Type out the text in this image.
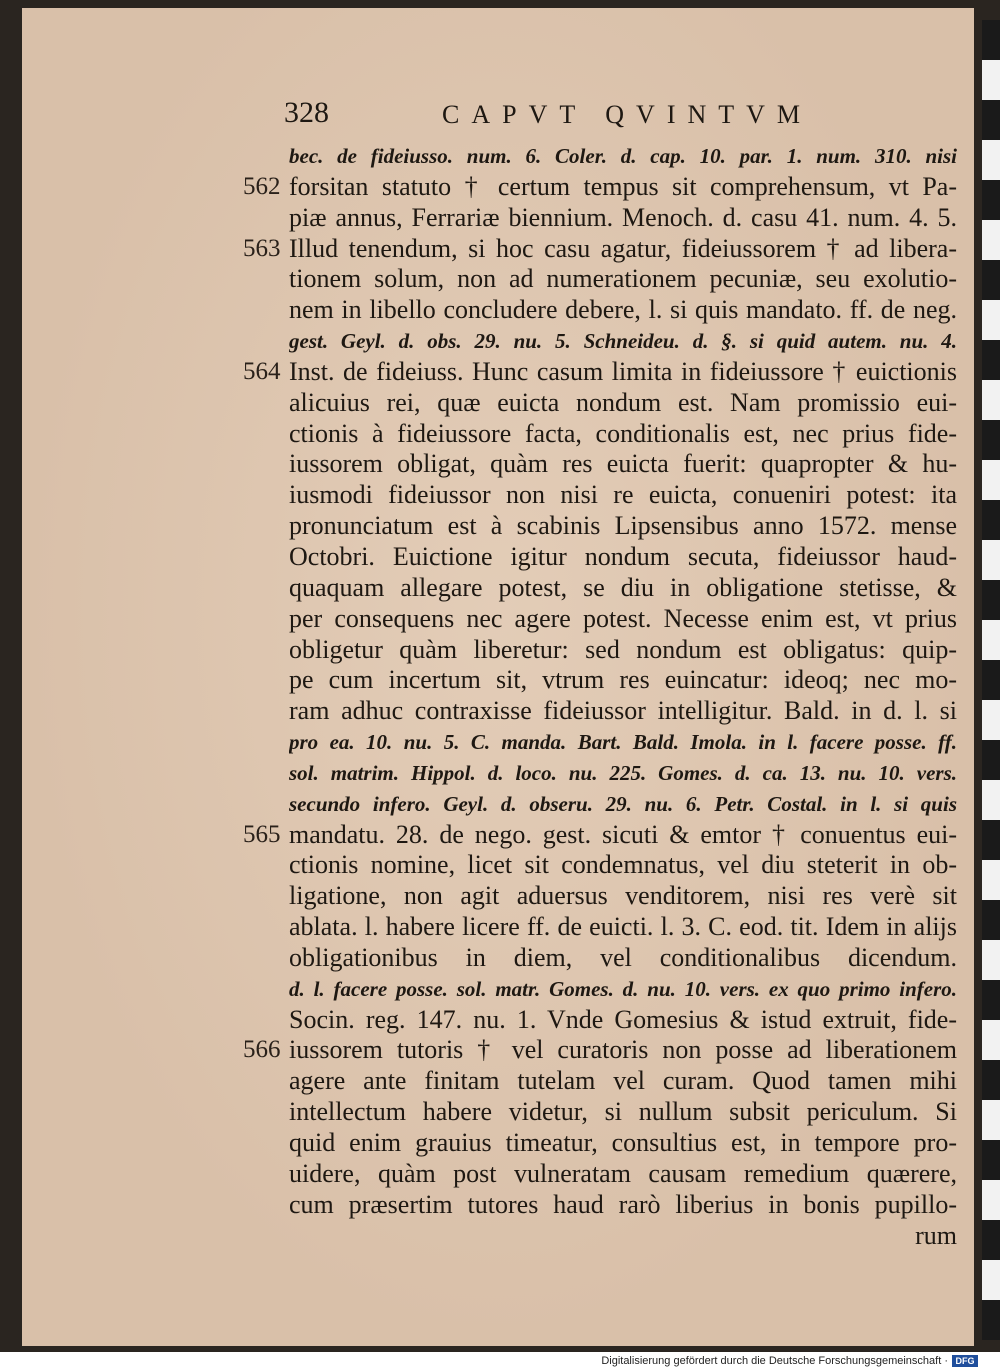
328	CAPVT QVINTVM
bec. de fideiusso. num. 6. Coler. d. cap. 10. par. 1. num. 310. nisi
562 forsitan statuto † certum tempus sit comprehensum, vt Pa-
piæ annus, Ferrariæ biennium. Menoch. d. casu 41. num. 4. 5.
563 Illud tenendum, si hoc casu agatur, fideiussorem † ad libera-
tionem solum, non ad numerationem pecuniæ, seu exolutio-
nem in libello concludere debere, l. si quis mandato. ff. de neg.
gest. Geyl. d. obs. 29. nu. 5. Schneideu. d. §. si quid autem. nu. 4.
564 Inst. de fideiuss. Hunc casum limita in fideiussore † euictionis
alicuius rei, quæ euicta nondum est. Nam promissio eui-
ctionis à fideiussore facta, conditionalis est, nec prius fide-
iussorem obligat, quàm res euicta fuerit: quapropter & hu-
iusmodi fideiussor non nisi re euicta, conueniri potest: ita
pronunciatum est à scabinis Lipsensibus anno 1572. mense
Octobri. Euictione igitur nondum secuta, fideiussor haud-
quaquam allegare potest, se diu in obligatione stetisse, &
per consequens nec agere potest. Necesse enim est, vt prius
obligetur quàm liberetur: sed nondum est obligatus: quip-
pe cum incertum sit, vtrum res euincatur: ideoq; nec mo-
ram adhuc contraxisse fideiussor intelligitur. Bald. in d. l. si
pro ea. 10. nu. 5. C. manda. Bart. Bald. Imola. in l. facere posse. ff.
sol. matrim. Hippol. d. loco. nu. 225. Gomes. d. ca. 13. nu. 10. vers.
secundo infero. Geyl. d. obseru. 29. nu. 6. Petr. Costal. in l. si quis
565 mandatu. 28. de nego. gest. sicuti & emtor † conuentus eui-
ctionis nomine, licet sit condemnatus, vel diu steterit in ob-
ligatione, non agit aduersus venditorem, nisi res verè sit
ablata. l. habere licere ff. de euicti. l. 3. C. eod. tit. Idem in alijs
obligationibus in diem, vel conditionalibus dicendum.
d. l. facere posse. sol. matr. Gomes. d. nu. 10. vers. ex quo primo infero.
Socin. reg. 147. nu. 1. Vnde Gomesius & istud extruit, fide-
566 iussorem tutoris † vel curatoris non posse ad liberationem
agere ante finitam tutelam vel curam. Quod tamen mihi
intellectum habere videtur, si nullum subsit periculum. Si
quid enim grauius timeatur, consultius est, in tempore pro-
uidere, quàm post vulneratam causam remedium quærere,
cum præsertim tutores haud rarò liberius in bonis pupillo-
rum
Digitalisierung gefördert durch die Deutsche Forschungsgemeinschaft · DFG
